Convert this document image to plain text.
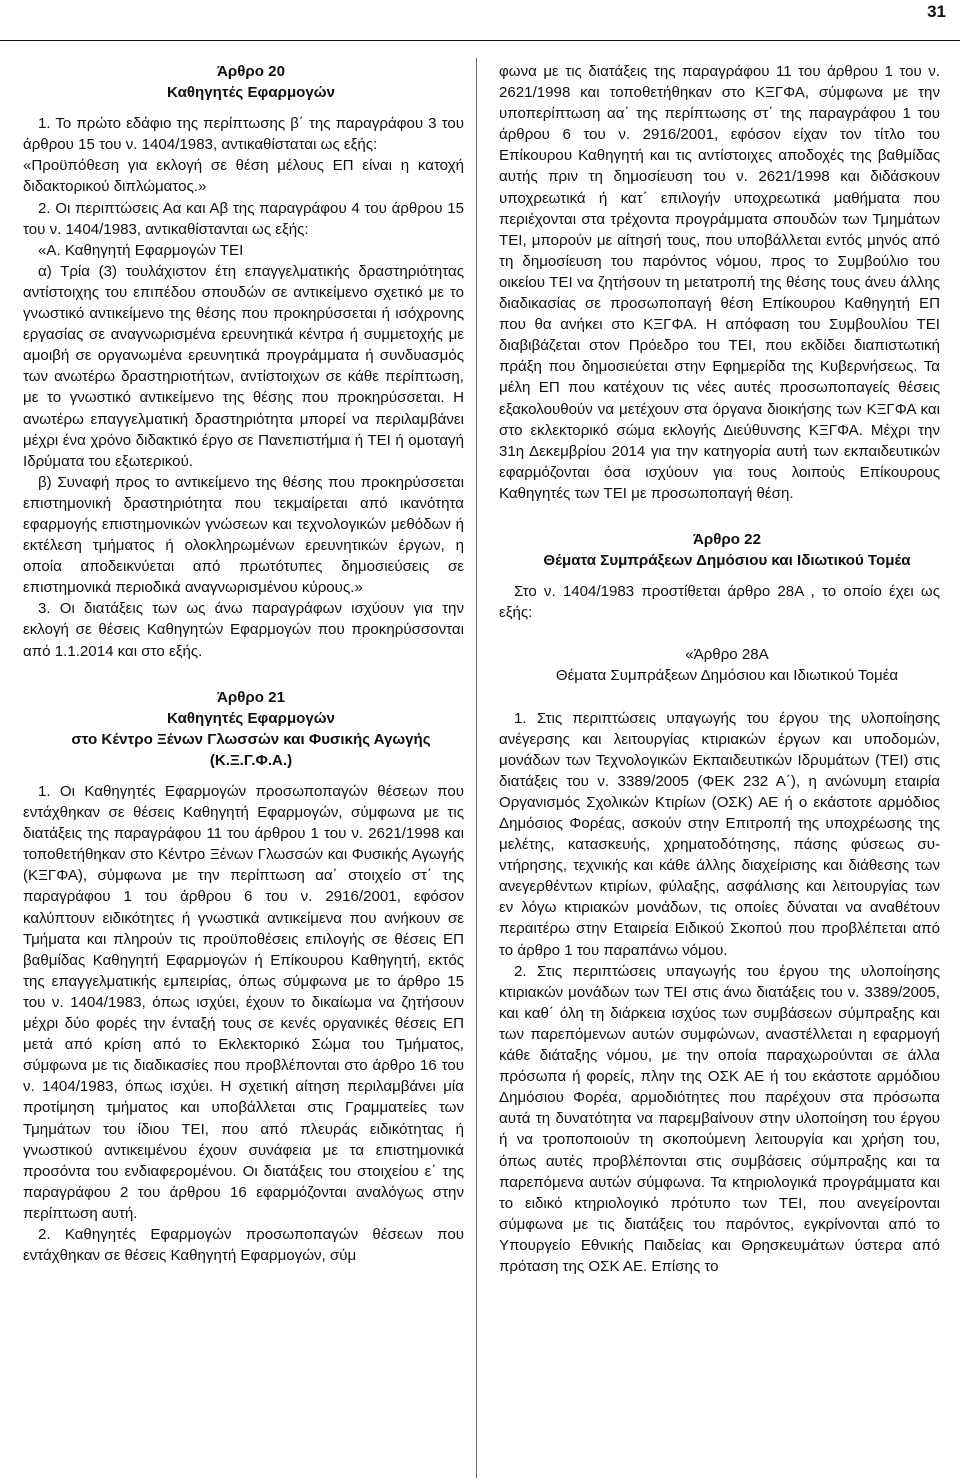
31

Άρθρο 20

Καθηγητές Εφαρμογών

1. Το πρώτο εδάφιο της περίπτωσης β΄ της παραγράφου 3 του άρθρου 15 του ν. 1404/1983, αντικαθίσταται ως εξής:

«Προϋπόθεση για εκλογή σε θέση μέλους ΕΠ είναι η κατοχή διδακτορικού διπλώματος.»

2. Οι περιπτώσεις Αα και Αβ της παραγράφου 4 του άρθρου 15 του ν. 1404/1983, αντικαθίστανται ως εξής:

«Α. Καθηγητή Εφαρμογών ΤΕΙ

α) Τρία (3) τουλάχιστον έτη επαγγελματικής δραστηριότητας αντίστοιχης του επιπέδου σπουδών σε αντικείμενο σχετικό με το γνωστικό αντικείμενο της θέσης που προκηρύσσεται ή ισόχρονης εργασίας σε αναγνωρισμένα ερευνητικά κέντρα ή συμμετοχής με αμοιβή σε οργανωμένα ερευνητικά προγράμματα ή συνδυασμός των ανωτέρω δραστηριοτήτων, αντίστοιχων σε κάθε περίπτωση, με το γνωστικό αντικείμενο της θέσης που προκηρύσσεται. Η ανωτέρω επαγγελματική δραστηριότητα μπορεί να περιλαμβάνει μέχρι ένα χρόνο διδακτικό έργο σε Πανεπιστήμια ή ΤΕΙ ή ομοταγή Ιδρύματα του εξωτερικού.

β) Συναφή προς το αντικείμενο της θέσης που προκηρύσσεται επιστημονική δραστηριότητα που τεκμαίρεται από ικανότητα εφαρμογής επιστημονικών γνώσεων και τεχνολογικών μεθόδων ή εκτέλεση τμήματος ή ολοκληρωμένων ερευνητικών έργων, η οποία αποδεικνύεται από πρωτότυπες δημοσιεύσεις σε επιστημονικά περιοδικά αναγνωρισμένου κύρους.»

3. Οι διατάξεις των ως άνω παραγράφων ισχύουν για την εκλογή σε θέσεις Καθηγητών Εφαρμογών που προκηρύσσονται από 1.1.2014 και στο εξής.

Άρθρο 21

Καθηγητές Εφαρμογών

στο Κέντρο Ξένων Γλωσσών και Φυσικής Αγωγής

(Κ.Ξ.Γ.Φ.Α.)

1. Οι Καθηγητές Εφαρμογών προσωποπαγών θέσεων που εντάχθηκαν σε θέσεις Καθηγητή Εφαρμογών, σύμφωνα με τις διατάξεις της παραγράφου 11 του άρθρου 1 του ν. 2621/1998 και τοποθετήθηκαν στο Κέντρο Ξένων Γλωσσών και Φυσικής Αγωγής (ΚΞΓΦΑ), σύμφωνα με την περίπτωση αα΄ στοιχείο στ΄ της παραγράφου 1 του άρθρου 6 του ν. 2916/2001, εφόσον καλύπτουν ειδικότητες ή γνωστικά αντικείμενα που ανήκουν σε Τμήματα και πληρούν τις προϋποθέσεις επιλογής σε θέσεις ΕΠ βαθμίδας Καθηγητή Εφαρμογών ή Επίκουρου Καθηγητή, εκτός της επαγγελματικής εμπειρίας, όπως σύμφωνα με το άρθρο 15 του ν. 1404/1983, όπως ισχύει, έχουν το δικαίωμα να ζητήσουν μέχρι δύο φορές την ένταξή τους σε κενές οργανικές θέσεις ΕΠ μετά από κρίση από το Εκλεκτορικό Σώμα του Τμήματος, σύμφωνα με τις διαδικασίες που προβλέπονται στο άρθρο 16 του ν. 1404/1983, όπως ισχύει. Η σχετική αίτηση περιλαμβάνει μία προτίμηση τμήματος και υποβάλλεται στις Γραμματείες των Τμημάτων του ίδιου ΤΕΙ, που από πλευράς ειδικότητας ή γνωστικού αντικειμένου έχουν συνάφεια με τα επιστημονικά προσόντα του ενδιαφερομένου. Οι διατάξεις του στοιχείου ε΄ της παραγράφου 2 του άρθρου 16 εφαρμόζονται αναλόγως στην περίπτωση αυτή.

2. Καθηγητές Εφαρμογών προσωποπαγών θέσεων που εντάχθηκαν σε θέσεις Καθηγητή Εφαρμογών, σύμ

φωνα με τις διατάξεις της παραγράφου 11 του άρθρου 1 του ν. 2621/1998 και τοποθετήθηκαν στο ΚΞΓΦΑ, σύμφωνα με την υποπερίπτωση αα΄ της περίπτωσης στ΄ της παραγράφου 1 του άρθρου 6 του ν. 2916/2001, εφόσον είχαν τον τίτλο του Επίκουρου Καθηγητή και τις αντίστοιχες αποδοχές της βαθμίδας αυτής πριν τη δημοσίευση του ν. 2621/1998 και διδάσκουν υποχρεωτικά ή κατ΄ επιλογήν υποχρεωτικά μαθήματα που περιέχονται στα τρέχοντα προγράμματα σπουδών των Τμημάτων ΤΕΙ, μπορούν με αίτησή τους, που υποβάλλεται εντός μηνός από τη δημοσίευση του παρόντος νόμου, προς το Συμβούλιο του οικείου ΤΕΙ να ζητήσουν τη μετατροπή της θέσης τους άνευ άλλης διαδικασίας σε προσωποπαγή θέση Επίκουρου Καθηγητή ΕΠ που θα ανήκει στο ΚΞΓΦΑ. Η απόφαση του Συμβουλίου ΤΕΙ διαβιβάζεται στον Πρόεδρο του ΤΕΙ, που εκδίδει διαπιστωτική πράξη που δημοσιεύεται στην Εφημερίδα της Κυβερνήσεως. Τα μέλη ΕΠ που κατέχουν τις νέες αυτές προσωποπαγείς θέσεις εξακολουθούν να μετέχουν στα όργανα διοικήσης των ΚΞΓΦΑ και στο εκλεκτορικό σώμα εκλογής Διεύθυνσης ΚΞΓΦΑ. Μέχρι την 31η Δεκεμβρίου 2014 για την κατηγορία αυτή των εκπαιδευτικών εφαρμόζονται όσα ισχύουν για τους λοιπούς Επίκουρους Καθηγητές των ΤΕΙ με προσωποπαγή θέση.

Άρθρο 22

Θέματα Συμπράξεων Δημόσιου και Ιδιωτικού Τομέα

Στο ν. 1404/1983 προστίθεται άρθρο 28Α , το οποίο έχει ως εξής:

«Άρθρο 28Α

Θέματα Συμπράξεων Δημόσιου και Ιδιωτικού Τομέα

1. Στις περιπτώσεις υπαγωγής του έργου της υλοποίησης ανέγερσης και λειτουργίας κτιριακών έργων και υποδομών, μονάδων των Τεχνολογικών Εκπαιδευτικών Ιδρυμάτων (ΤΕΙ) στις διατάξεις του ν. 3389/2005 (ΦΕΚ 232 Α΄), η ανώνυμη εταιρία Οργανισμός Σχολικών Κτιρίων (ΟΣΚ) ΑΕ ή ο εκάστοτε αρμόδιος Δημόσιος Φορέας, ασκούν στην Επιτροπή της υποχρέωσης της μελέτης, κατασκευής, χρηματοδότησης, πάσης φύσεως συντήρησης, τεχνικής και κάθε άλλης διαχείρισης και διάθεσης των ανεγερθέντων κτιρίων, φύλαξης, ασφάλισης και λειτουργίας των εν λόγω κτιριακών μονάδων, τις οποίες δύναται να αναθέτουν περαιτέρω στην Εταιρεία Ειδικού Σκοπού που προβλέπεται από το άρθρο 1 του παραπάνω νόμου.

2. Στις περιπτώσεις υπαγωγής του έργου της υλοποίησης κτιριακών μονάδων των ΤΕΙ στις άνω διατάξεις του ν. 3389/2005, και καθ΄ όλη τη διάρκεια ισχύος των συμβάσεων σύμπραξης και των παρεπόμενων αυτών συμφώνων, αναστέλλεται η εφαρμογή κάθε διάταξης νόμου, με την οποία παραχωρούνται σε άλλα πρόσωπα ή φορείς, πλην της ΟΣΚ ΑΕ ή του εκάστοτε αρμόδιου Δημόσιου Φορέα, αρμοδιότητες που παρέχουν στα πρόσωπα αυτά τη δυνατότητα να παρεμβαίνουν στην υλοποίηση του έργου ή να τροποποιούν τη σκοπούμενη λειτουργία και χρήση του, όπως αυτές προβλέπονται στις συμβάσεις σύμπραξης και τα παρεπόμενα αυτών σύμφωνα. Τα κτηριολογικά προγράμματα και το ειδικό κτηριολογικό πρότυπο των ΤΕΙ, που ανεγείρονται σύμφωνα με τις διατάξεις του παρόντος, εγκρίνονται από το Υπουργείο Εθνικής Παιδείας και Θρησκευμάτων ύστερα από πρόταση της ΟΣΚ ΑΕ. Επίσης το
